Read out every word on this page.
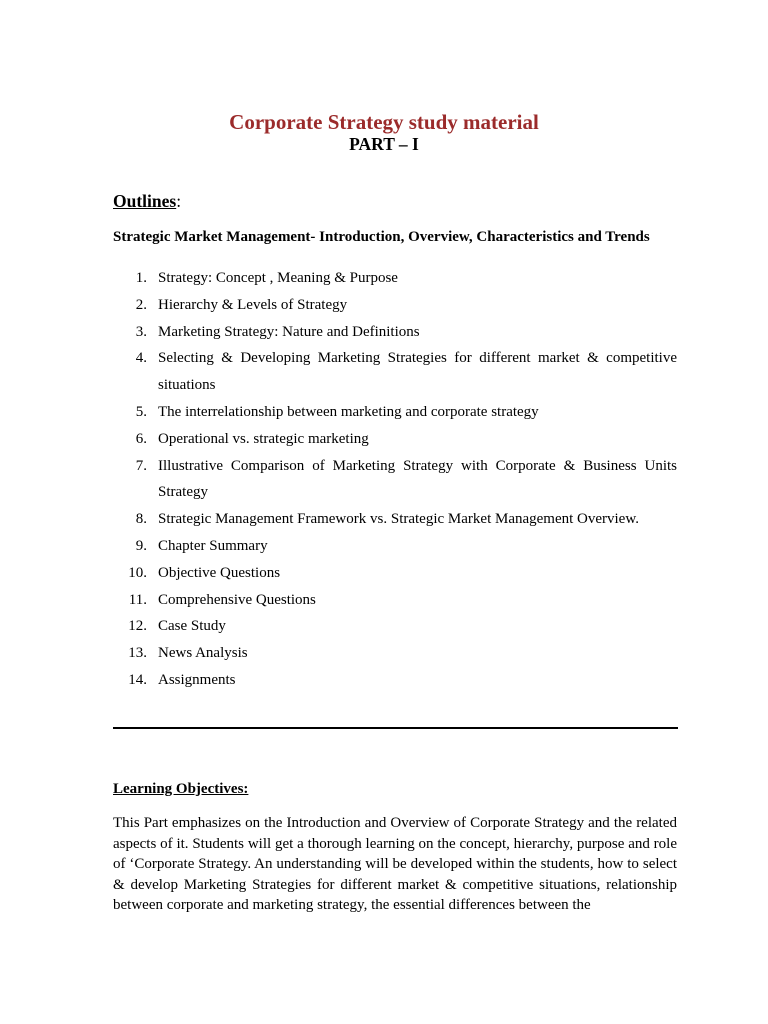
Corporate Strategy study material
PART – I
Outlines:
Strategic Market Management- Introduction, Overview, Characteristics and Trends
1. Strategy: Concept , Meaning & Purpose
2. Hierarchy & Levels of Strategy
3. Marketing Strategy: Nature and Definitions
4. Selecting & Developing Marketing Strategies for different market & competitive situations
5. The interrelationship between marketing and corporate strategy
6. Operational vs. strategic marketing
7. Illustrative Comparison of Marketing Strategy with Corporate & Business Units Strategy
8. Strategic Management Framework vs. Strategic Market Management Overview.
9. Chapter Summary
10. Objective Questions
11. Comprehensive Questions
12. Case Study
13. News Analysis
14. Assignments
Learning Objectives:

This Part emphasizes on the Introduction and Overview of Corporate Strategy and the related aspects of it. Students will get a thorough learning on the concept, hierarchy, purpose and role of ‘Corporate Strategy. An understanding will be developed within the students, how to select & develop Marketing Strategies for different market & competitive situations, relationship between corporate and marketing strategy, the essential differences between the
